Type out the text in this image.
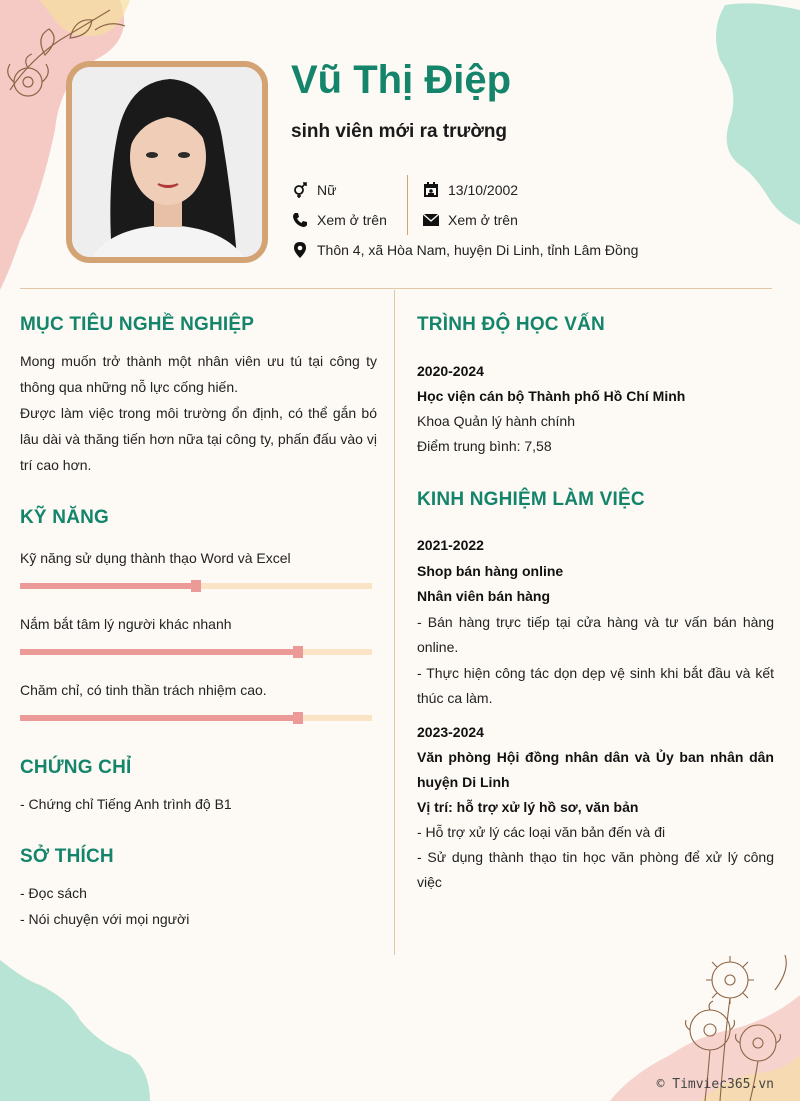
Vũ Thị Điệp
sinh viên mới ra trường
Nữ
Xem ở trên
13/10/2002
Xem ở trên
Thôn 4, xã Hòa Nam, huyện Di Linh, tỉnh Lâm Đồng
MỤC TIÊU NGHỀ NGHIỆP

Mong muốn trở thành một nhân viên ưu tú tại công ty thông qua những nỗ lực cống hiến.

Được làm việc trong môi trường ổn định, có thể gắn bó lâu dài và thăng tiến hơn nữa tại công ty, phấn đấu vào vị trí cao hơn.

KỸ NĂNG
Kỹ năng sử dụng thành thạo Word và Excel
Nắm bắt tâm lý người khác nhanh
Chăm chỉ, có tinh thần trách nhiệm cao.
CHỨNG CHỈ

- Chứng chỉ Tiếng Anh trình độ B1

SỞ THÍCH

- Đọc sách

- Nói chuyện với mọi người

TRÌNH ĐỘ HỌC VẤN

2020-2024

Học viện cán bộ Thành phố Hồ Chí Minh

Khoa Quản lý hành chính

Điểm trung bình: 7,58

KINH NGHIỆM LÀM VIỆC

2021-2022

Shop bán hàng online

Nhân viên bán hàng

- Bán hàng trực tiếp tại cửa hàng và tư vấn bán hàng online.

- Thực hiện công tác dọn dẹp vệ sinh khi bắt đầu và kết thúc ca làm.

2023-2024

Văn phòng Hội đồng nhân dân và Ủy ban nhân dân huyện Di Linh

Vị trí: hỗ trợ xử lý hồ sơ, văn bản

- Hỗ trợ xử lý các loại văn bản đến và đi

- Sử dụng thành thạo tin học văn phòng để xử lý công việc

© Timviec365.vn
